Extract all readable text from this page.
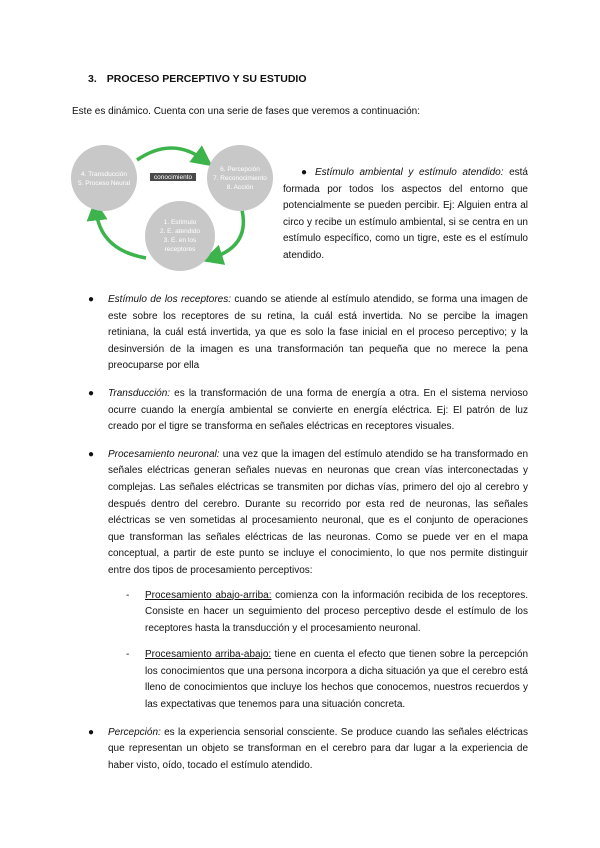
3. PROCESO PERCEPTIVO Y SU ESTUDIO
Este es dinámico. Cuenta con una serie de fases que veremos a continuación:
conocimiento
4. Transducción
5. Proceso Neural
6. Percepción
7. Reconocimiento
8. Acción
1. Estímulo
2. E. atendido
3. E. en los
receptores
● Estímulo ambiental y estímulo atendido: está formada por todos los aspectos del entorno que potencialmente se pueden percibir. Ej: Alguien entra al circo y recibe un estímulo ambiental, si se centra en un estímulo específico, como un tigre, este es el estímulo atendido.
● Estímulo de los receptores: cuando se atiende al estímulo atendido, se forma una imagen de este sobre los receptores de su retina, la cuál está invertida. No se percibe la imagen retiniana, la cuál está invertida, ya que es solo la fase inicial en el proceso perceptivo; y la desinversión de la imagen es una transformación tan pequeña que no merece la pena preocuparse por ella
● Transducción: es la transformación de una forma de energía a otra. En el sistema nervioso ocurre cuando la energía ambiental se convierte en energía eléctrica. Ej: El patrón de luz creado por el tigre se transforma en señales eléctricas en receptores visuales.
● Procesamiento neuronal: una vez que la imagen del estímulo atendido se ha transformado en señales eléctricas generan señales nuevas en neuronas que crean vías interconectadas y complejas. Las señales eléctricas se transmiten por dichas vías, primero del ojo al cerebro y después dentro del cerebro. Durante su recorrido por esta red de neuronas, las señales eléctricas se ven sometidas al procesamiento neuronal, que es el conjunto de operaciones que transforman las señales eléctricas de las neuronas. Como se puede ver en el mapa conceptual, a partir de este punto se incluye el conocimiento, lo que nos permite distinguir entre dos tipos de procesamiento perceptivos:
- Procesamiento abajo-arriba: comienza con la información recibida de los receptores. Consiste en hacer un seguimiento del proceso perceptivo desde el estímulo de los receptores hasta la transducción y el procesamiento neuronal.
- Procesamiento arriba-abajo: tiene en cuenta el efecto que tienen sobre la percepción los conocimientos que una persona incorpora a dicha situación ya que el cerebro está lleno de conocimientos que incluye los hechos que conocemos, nuestros recuerdos y las expectativas que tenemos para una situación concreta.
● Percepción: es la experiencia sensorial consciente. Se produce cuando las señales eléctricas que representan un objeto se transforman en el cerebro para dar lugar a la experiencia de haber visto, oído, tocado el estímulo atendido.
